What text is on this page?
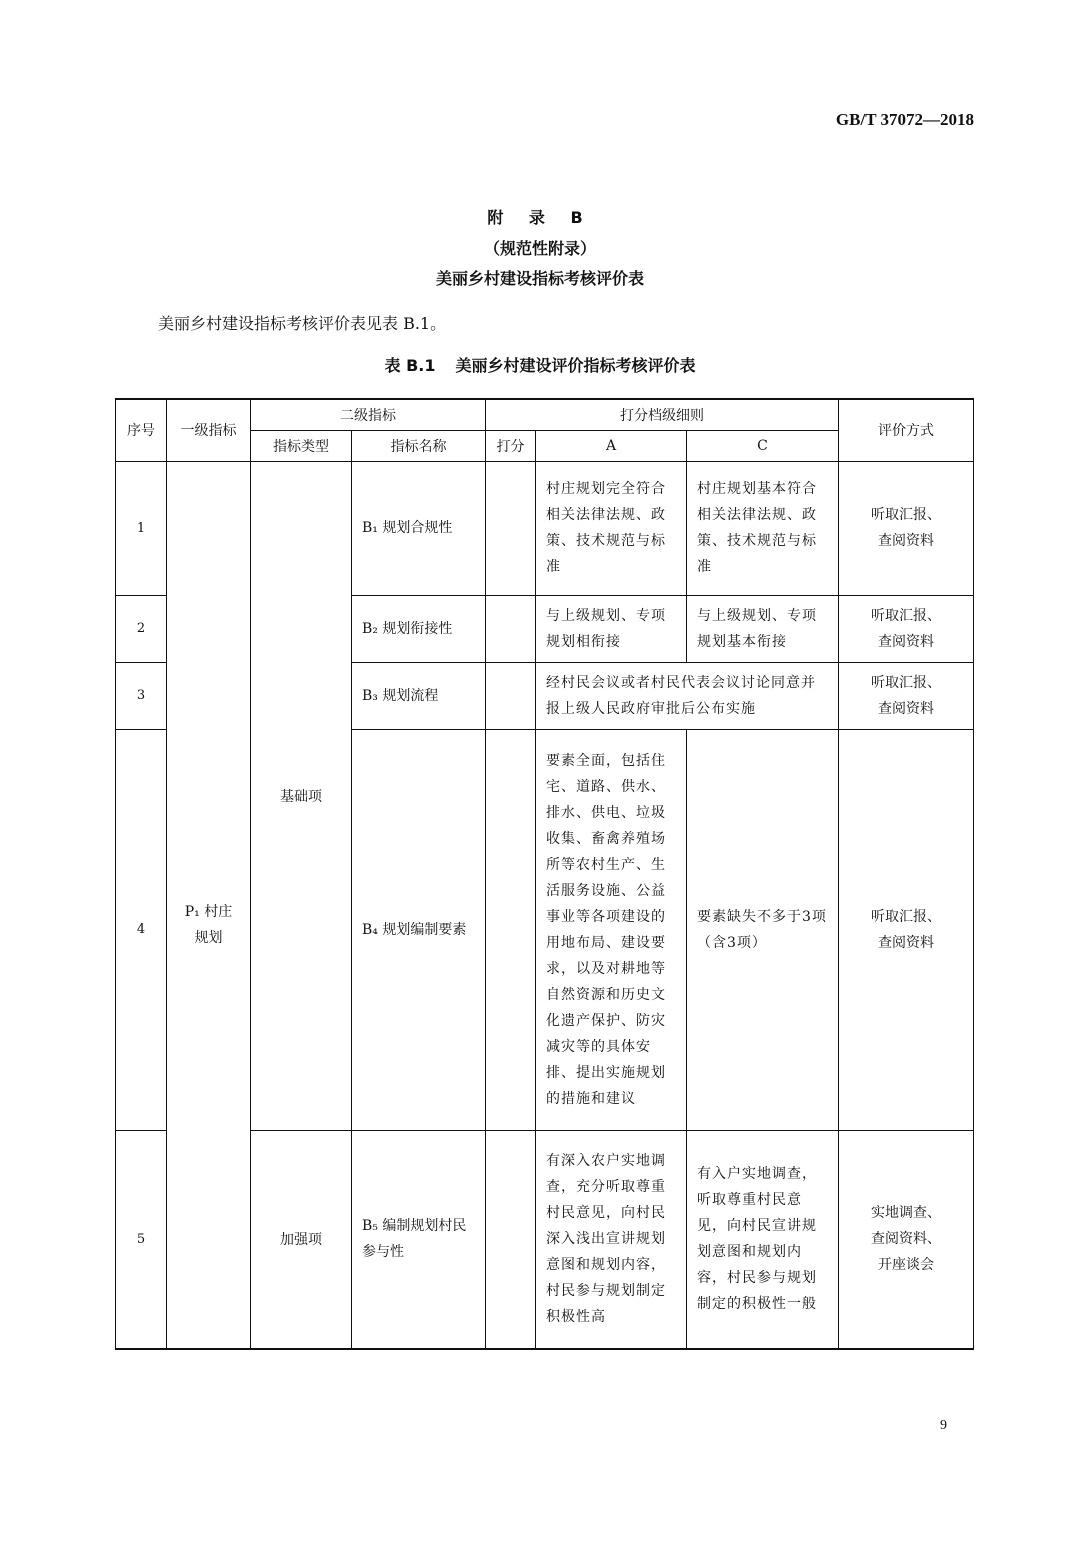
GB/T 37072—2018
附 录 B
（规范性附录）
美丽乡村建设指标考核评价表
美丽乡村建设指标考核评价表见表 B.1。
表 B.1 美丽乡村建设评价指标考核评价表
序号	一级指标	二级指标		打分档级细则			评价方式
		指标类型	指标名称	打分	A	C	
1	P₁ 村庄规划	基础项	B₁ 规划合规性		村庄规划完全符合相关法律法规、政策、技术规范与标准	村庄规划基本符合相关法律法规、政策、技术规范与标准	听取汇报、查阅资料
2			B₂ 规划衔接性		与上级规划、专项规划相衔接	与上级规划、专项规划基本衔接	听取汇报、查阅资料
3			B₃ 规划流程		经村民会议或者村民代表会议讨论同意并报上级人民政府审批后公布实施		听取汇报、查阅资料
4			B₄ 规划编制要素		要素全面，包括住宅、道路、供水、排水、供电、垃圾收集、畜禽养殖场所等农村生产、生活服务设施、公益事业等各项建设的用地布局、建设要求，以及对耕地等自然资源和历史文化遗产保护、防灾减灾等的具体安排、提出实施规划的措施和建议	要素缺失不多于3项（含3项）	听取汇报、查阅资料
5		加强项	B₅ 编制规划村民参与性		有深入农户实地调查，充分听取尊重村民意见，向村民深入浅出宣讲规划意图和规划内容，村民参与规划制定积极性高	有入户实地调查，听取尊重村民意见，向村民宣讲规划意图和规划内容，村民参与规划制定的积极性一般	实地调查、查阅资料、开座谈会
9
